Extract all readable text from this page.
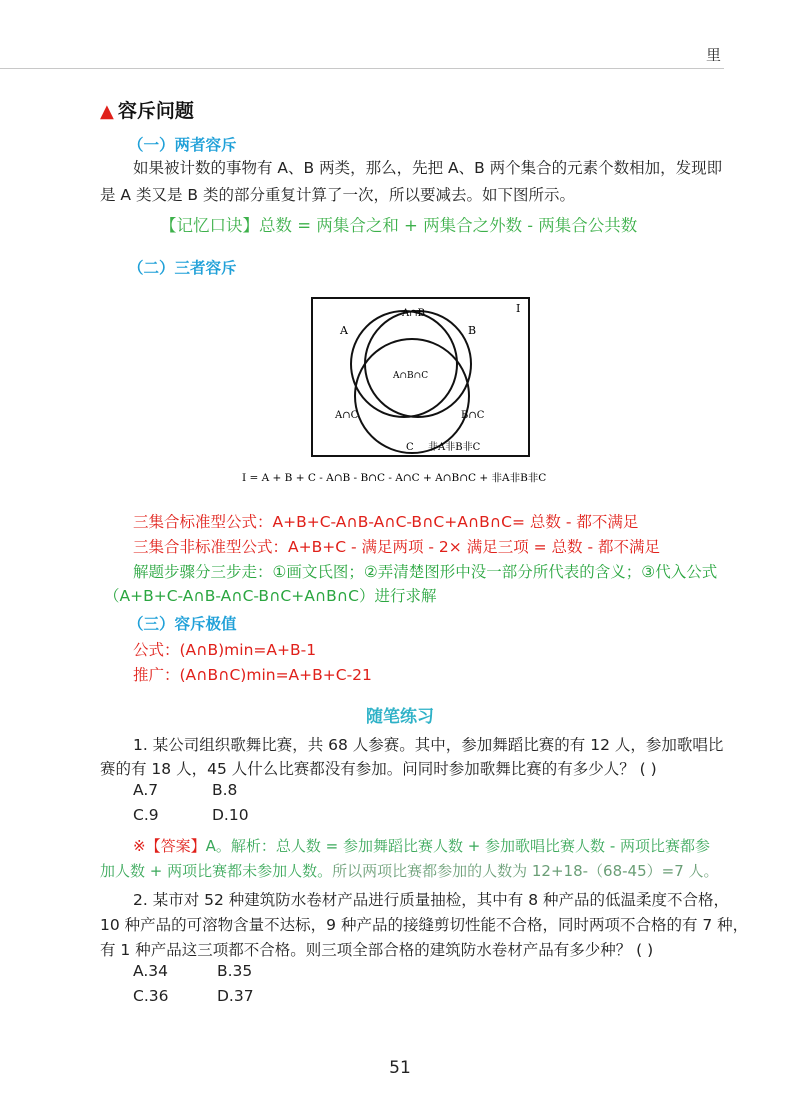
里
▲ 容斥问题
（一）两者容斥
如果被计数的事物有 A、B 两类，那么，先把 A、B 两个集合的元素个数相加，发现即
是 A 类又是 B 类的部分重复计算了一次，所以要减去。如下图所示。
【记忆口诀】总数 = 两集合之和 + 两集合之外数 - 两集合公共数
（二）三者容斥
A	B
I
A∩B
A∩B∩C
A∩C	B∩C
C 非A非B非C
I = A + B + C - A∩B - B∩C - A∩C + A∩B∩C + 非A非B非C
三集合标准型公式：A+B+C-A∩B-A∩C-B∩C+A∩B∩C= 总数 - 都不满足
三集合非标准型公式：A+B+C - 满足两项 - 2× 满足三项 = 总数 - 都不满足
解题步骤分三步走：①画文氏图；②弄清楚图形中没一部分所代表的含义；③代入公式
（A+B+C-A∩B-A∩C-B∩C+A∩B∩C）进行求解
（三）容斥极值
公式：(A∩B)min=A+B-1
推广：(A∩B∩C)min=A+B+C-21
随笔练习
1. 某公司组织歌舞比赛，共 68 人参赛。其中，参加舞蹈比赛的有 12 人，参加歌唱比
赛的有 18 人，45 人什么比赛都没有参加。问同时参加歌舞比赛的有多少人？ ( )
A.7	B.8
C.9	D.10
※【答案】A。解析：总人数 = 参加舞蹈比赛人数 + 参加歌唱比赛人数 - 两项比赛都参
加人数 + 两项比赛都未参加人数。所以两项比赛都参加的人数为 12+18-（68-45）=7 人。
2. 某市对 52 种建筑防水卷材产品进行质量抽检，其中有 8 种产品的低温柔度不合格，
10 种产品的可溶物含量不达标，9 种产品的接缝剪切性能不合格，同时两项不合格的有 7 种，
有 1 种产品这三项都不合格。则三项全部合格的建筑防水卷材产品有多少种？ ( )
A.34	B.35
C.36	D.37
51
